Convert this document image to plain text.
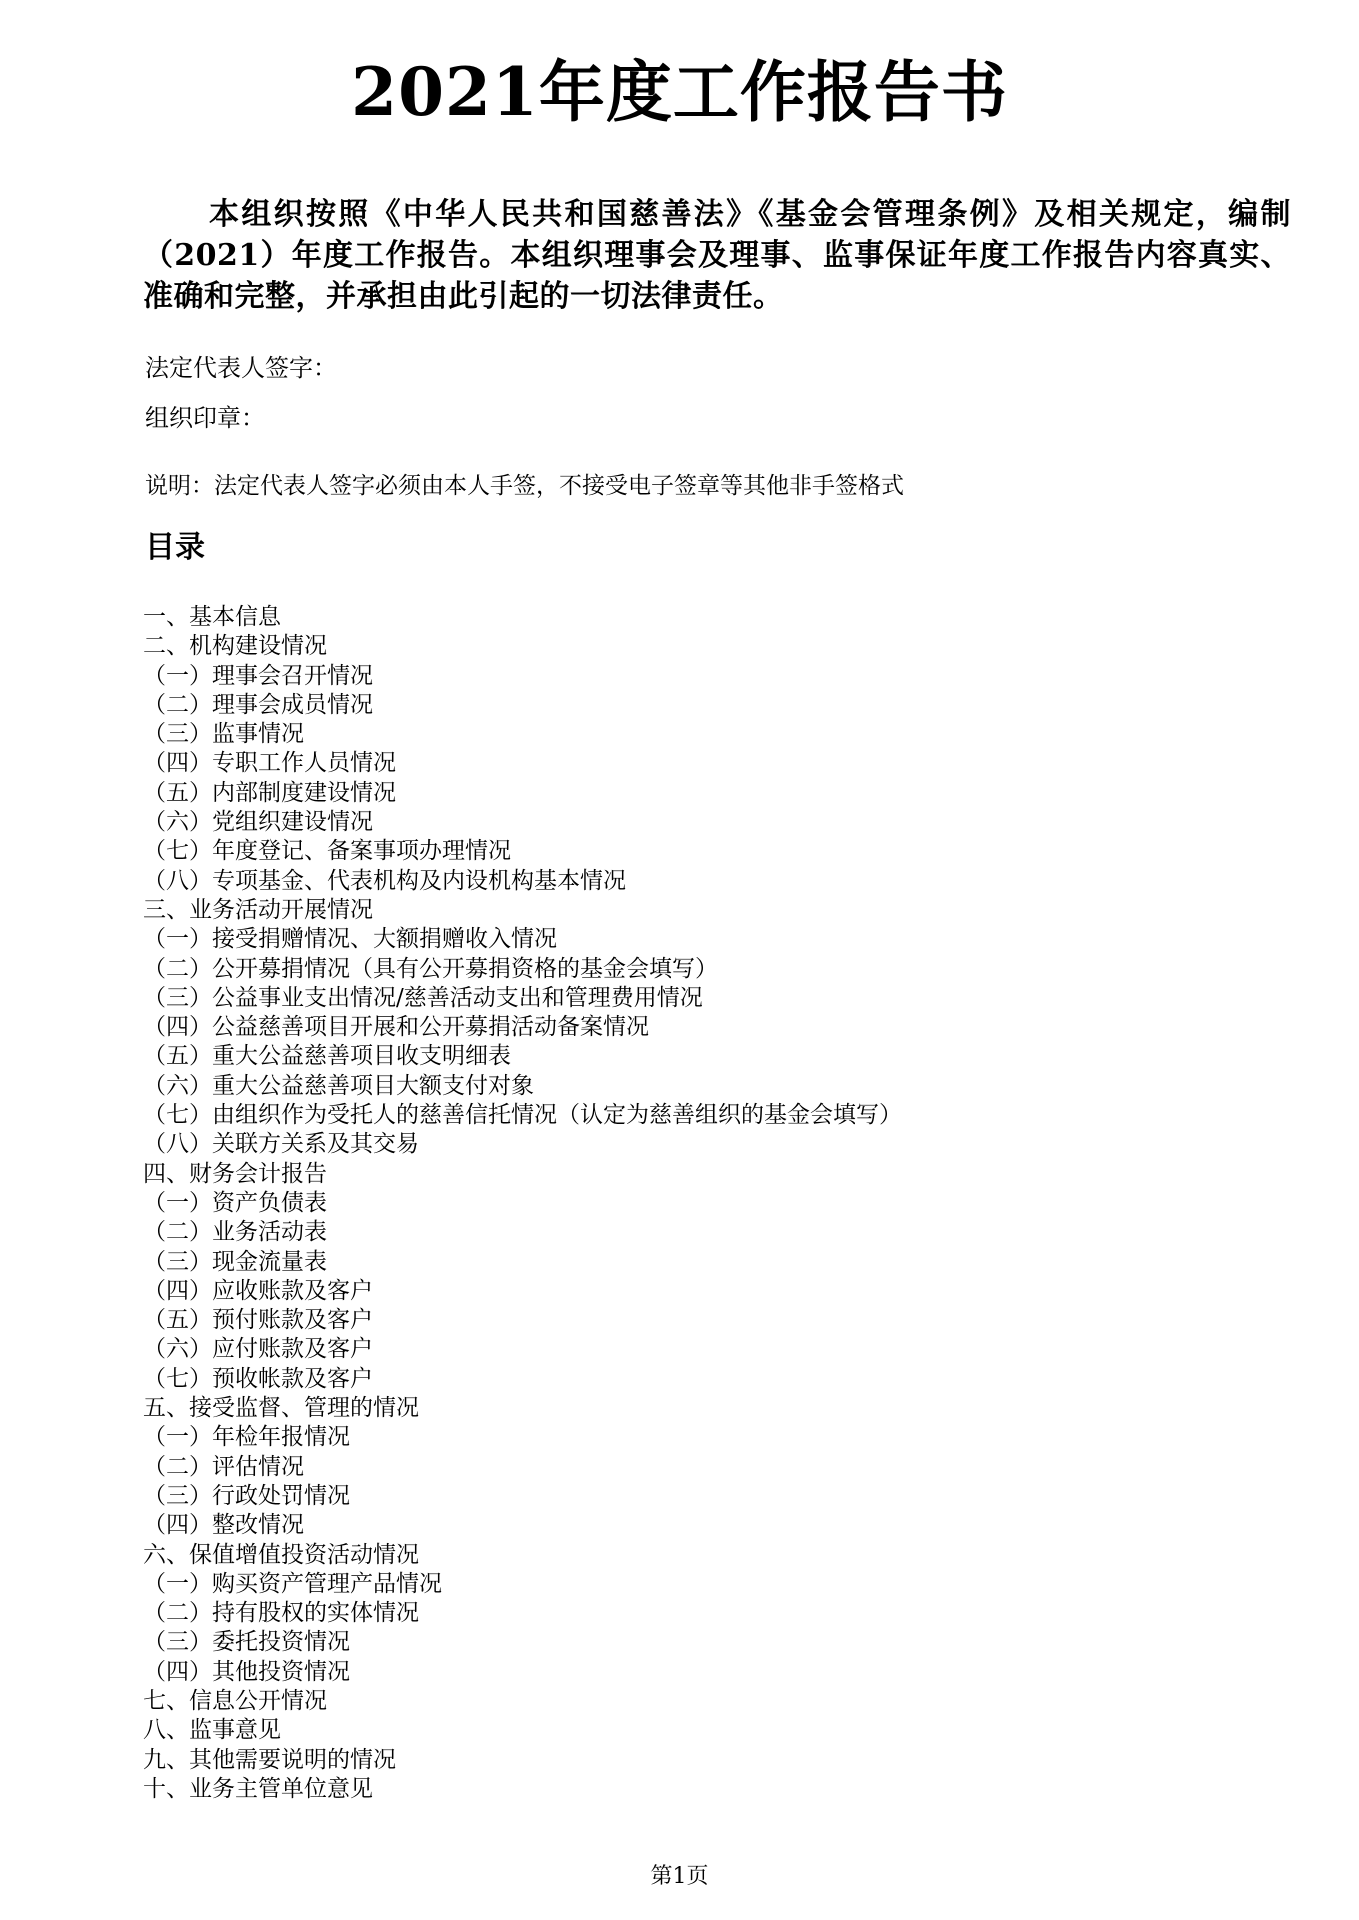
2021年度工作报告书
本组织按照《中华人民共和国慈善法》《基金会管理条例》及相关规定，编制（2021）年度工作报告。本组织理事会及理事、监事保证年度工作报告内容真实、准确和完整，并承担由此引起的一切法律责任。
法定代表人签字：
组织印章：
说明：法定代表人签字必须由本人手签，不接受电子签章等其他非手签格式
目录
一、基本信息
二、机构建设情况
（一）理事会召开情况
（二）理事会成员情况
（三）监事情况
（四）专职工作人员情况
（五）内部制度建设情况
（六）党组织建设情况
（七）年度登记、备案事项办理情况
（八）专项基金、代表机构及内设机构基本情况
三、业务活动开展情况
（一）接受捐赠情况、大额捐赠收入情况
（二）公开募捐情况（具有公开募捐资格的基金会填写）
（三）公益事业支出情况/慈善活动支出和管理费用情况
（四）公益慈善项目开展和公开募捐活动备案情况
（五）重大公益慈善项目收支明细表
（六）重大公益慈善项目大额支付对象
（七）由组织作为受托人的慈善信托情况（认定为慈善组织的基金会填写）
（八）关联方关系及其交易
四、财务会计报告
（一）资产负债表
（二）业务活动表
（三）现金流量表
（四）应收账款及客户
（五）预付账款及客户
（六）应付账款及客户
（七）预收帐款及客户
五、接受监督、管理的情况
（一）年检年报情况
（二）评估情况
（三）行政处罚情况
（四）整改情况
六、保值增值投资活动情况
（一）购买资产管理产品情况
（二）持有股权的实体情况
（三）委托投资情况
（四）其他投资情况
七、信息公开情况
八、监事意见
九、其他需要说明的情况
十、业务主管单位意见
第1页
